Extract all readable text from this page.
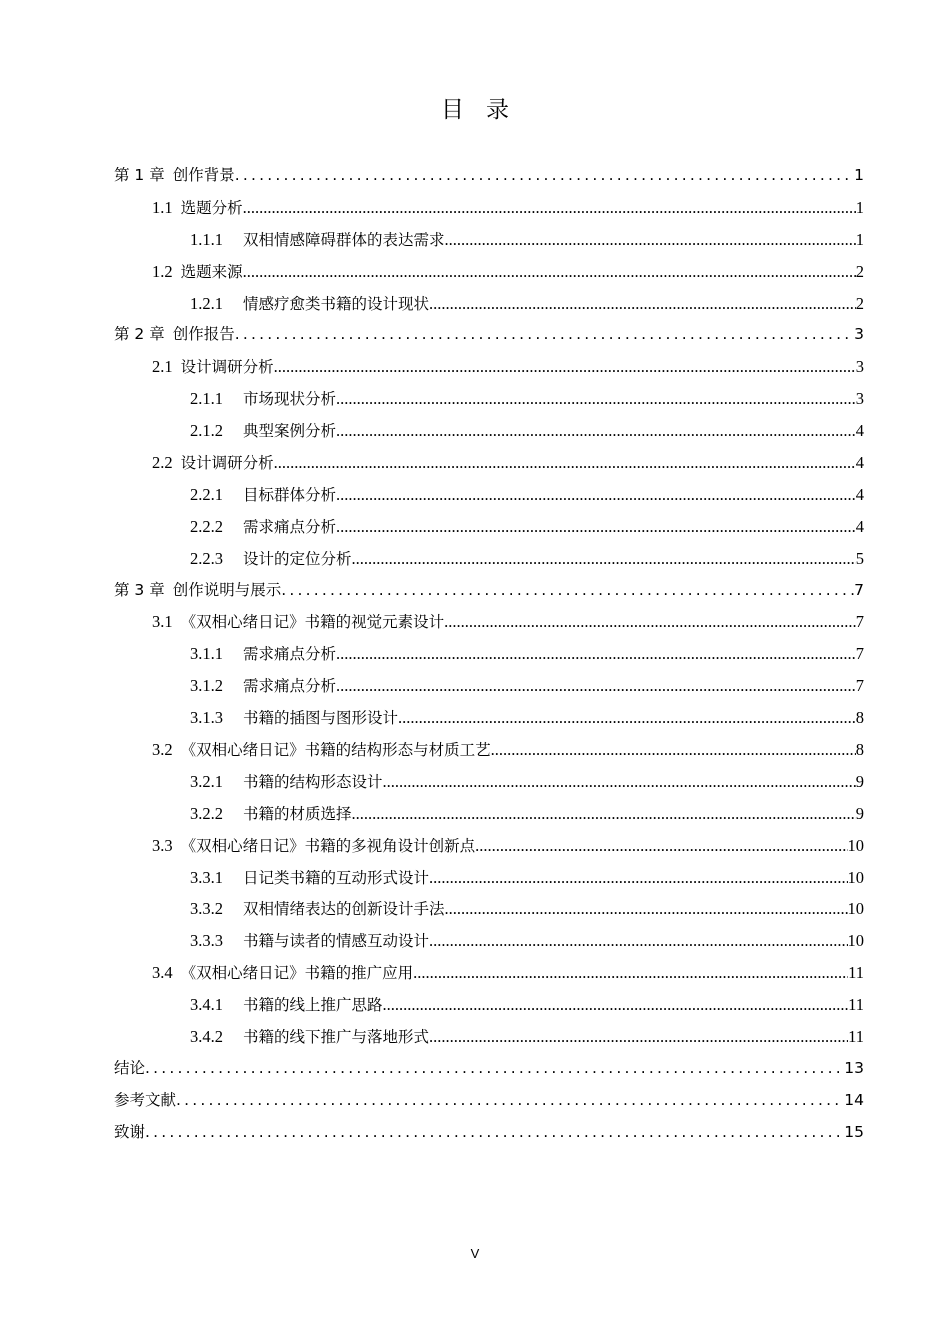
目录
第 1 章 创作背景 .....	1
1.1 选题分析 .....	1
1.1.1 双相情感障碍群体的表达需求 .....	1
1.2 选题来源 .....	2
1.2.1 情感疗愈类书籍的设计现状 .....	2
第 2 章 创作报告 .....	3
2.1 设计调研分析 .....	3
2.1.1 市场现状分析 .....	3
2.1.2 典型案例分析 .....	4
2.2 设计调研分析 .....	4
2.2.1 目标群体分析 .....	4
2.2.2 需求痛点分析 .....	4
2.2.3 设计的定位分析 .....	5
第 3 章 创作说明与展示 .....	7
3.1 《双相心绪日记》书籍的视觉元素设计 .....	7
3.1.1 需求痛点分析 .....	7
3.1.2 需求痛点分析 .....	7
3.1.3 书籍的插图与图形设计 .....	8
3.2 《双相心绪日记》书籍的结构形态与材质工艺 .....	8
3.2.1 书籍的结构形态设计 .....	9
3.2.2 书籍的材质选择 .....	9
3.3 《双相心绪日记》书籍的多视角设计创新点 .....	10
3.3.1 日记类书籍的互动形式设计 .....	10
3.3.2 双相情绪表达的创新设计手法 .....	10
3.3.3 书籍与读者的情感互动设计 .....	10
3.4 《双相心绪日记》书籍的推广应用 .....	11
3.4.1 书籍的线上推广思路 .....	11
3.4.2 书籍的线下推广与落地形式 .....	11
结论 .....	13
参考文献 .....	14
致谢 .....	15
V
